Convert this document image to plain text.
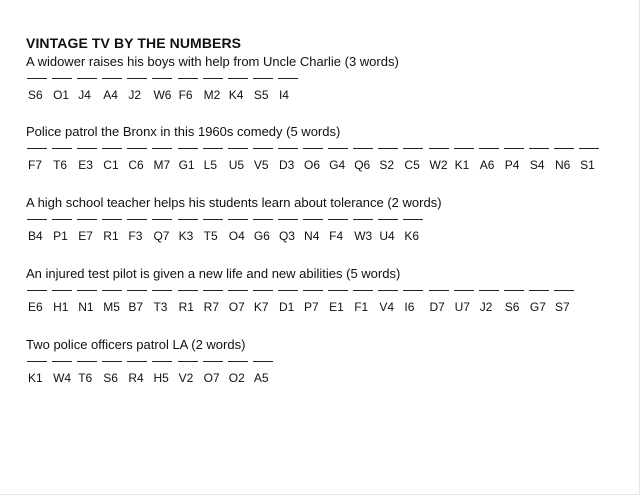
VINTAGE TV BY THE NUMBERS
A widower raises his boys with help from Uncle Charlie (3 words)
S6 O1 J4 A4 J2 W6 F6 M2 K4 S5 I4
Police patrol the Bronx in this 1960s comedy (5 words)
F7 T6 E3 C1 C6 M7 G1 L5 U5 V5 D3 O6 G4 Q6 S2 C5 W2 K1 A6 P4 S4 N6 S1
A high school teacher helps his students learn about tolerance (2 words)
B4 P1 E7 R1 F3 Q7 K3 T5 O4 G6 Q3 N4 F4 W3 U4 K6
An injured test pilot is given a new life and new abilities (5 words)
E6 H1 N1 M5 B7 T3 R1 R7 O7 K7 D1 P7 E1 F1 V4 I6 D7 U7 J2 S6 G7 S7
Two police officers patrol LA (2 words)
K1 W4 T6 S6 R4 H5 V2 O7 O2 A5
